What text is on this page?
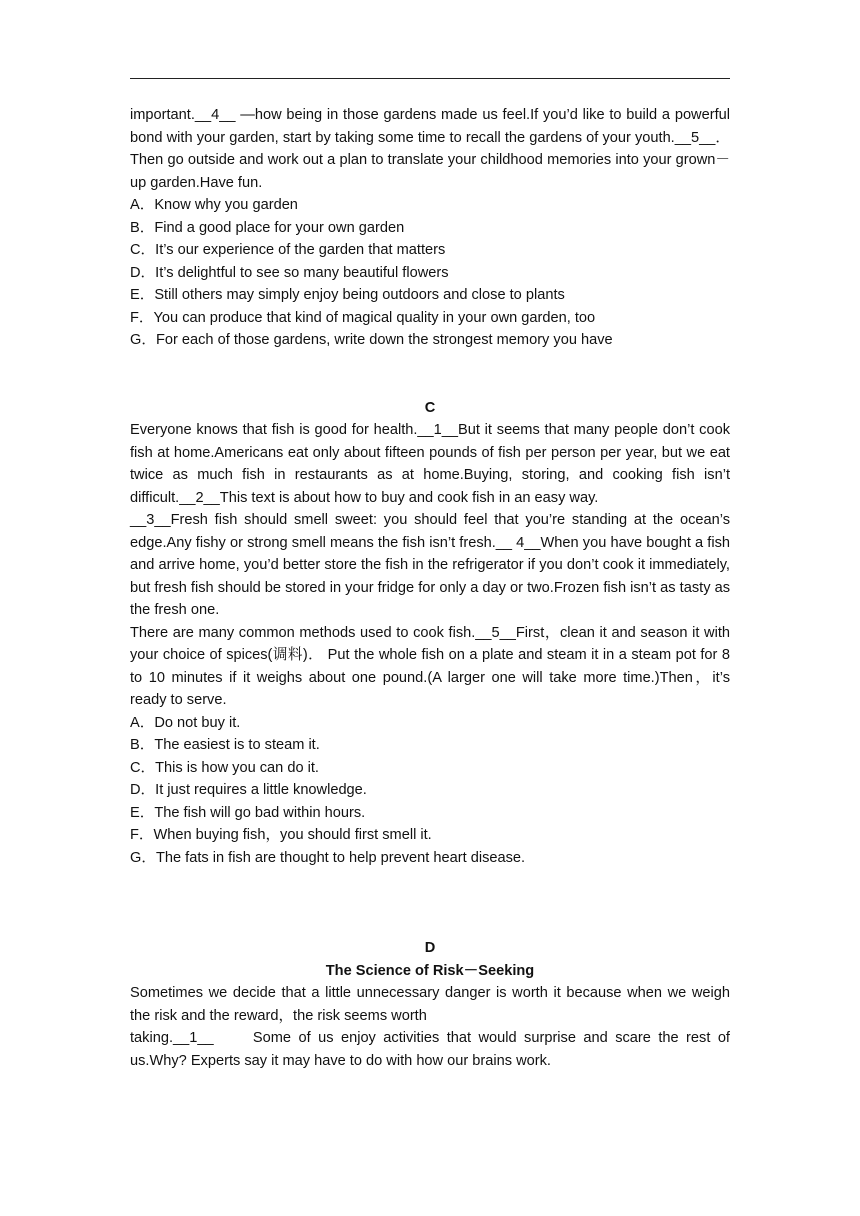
important.__4__ —how being in those gardens made us feel.If you’d like to build a powerful bond with your garden, start by taking some time to recall the gardens of your youth.__5__． Then go outside and work out a plan to translate your childhood memories into your grown－up garden.Have fun.

A．Know why you garden

B．Find a good place for your own garden

C．It’s our experience of the garden that matters

D．It’s delightful to see so many beautiful flowers

E．Still others may simply enjoy being outdoors and close to plants

F．You can produce that kind of magical quality in your own garden, too

G．For each of those gardens, write down the strongest memory you have

C

Everyone knows that fish is good for health.__1__But it seems that many people don’t cook fish at home.Americans eat only about fifteen pounds of fish per person per year, but we eat twice as much fish in restaurants as at home.Buying, storing, and cooking fish isn’t difficult.__2__This text is about how to buy and cook fish in an easy way.

__3__Fresh fish should smell sweet: you should feel that you’re standing at the ocean’s edge.Any fishy or strong smell means the fish isn’t fresh.__ 4__When you have bought a fish and arrive home, you’d better store the fish in the refrigerator if you don’t cook it immediately, but fresh fish should be stored in your fridge for only a day or two.Frozen fish isn’t as tasty as the fresh one.

There are many common methods used to cook fish.__5__First，clean it and season it with your choice of spices(调料)． Put the whole fish on a plate and steam it in a steam pot for 8 to 10 minutes if it weighs about one pound.(A larger one will take more time.)Then，it’s ready to serve.

A．Do not buy it.

B．The easiest is to steam it.

C．This is how you can do it.

D．It just requires a little knowledge.

E．The fish will go bad within hours.

F．When buying fish，you should first smell it.

G．The fats in fish are thought to help prevent heart disease.

D

The Science of Risk－Seeking

Sometimes we decide that a little unnecessary danger is worth it because when we weigh the risk and the reward，the risk seems worth

taking.__1__　　Some of us enjoy activities that would surprise and scare the rest of us.Why? Experts say it may have to do with how our brains work.
